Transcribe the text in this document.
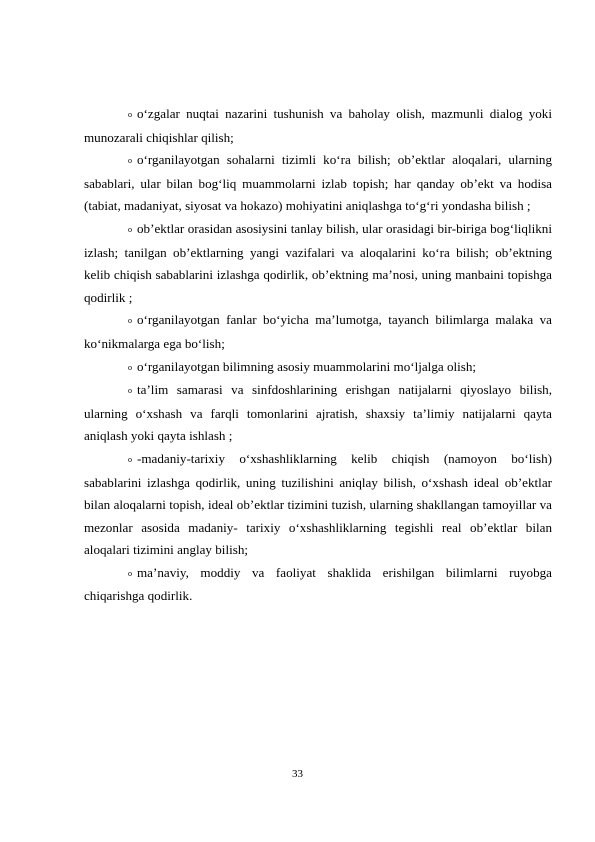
o o‘zgalar nuqtai nazarini tushunish va baholay olish, mazmunli dialog yoki munozarali chiqishlar qilish;

o o‘rganilayotgan sohalarni tizimli ko‘ra bilish; ob’ektlar aloqalari, ularning sabablari, ular bilan bog‘liq muammolarni izlab topish; har qanday ob’ekt va hodisa (tabiat, madaniyat, siyosat va hokazo) mohiyatini aniqlashga to‘g‘ri yondasha bilish ;

o ob’ektlar orasidan asosiysini tanlay bilish, ular orasidagi bir-biriga bog‘liqlikni izlash; tanilgan ob’ektlarning yangi vazifalari va aloqalarini ko‘ra bilish; ob’ektning kelib chiqish sabablarini izlashga qodirlik, ob’ektning ma’nosi, uning manbaini topishga qodirlik ;

o o‘rganilayotgan fanlar bo‘yicha ma’lumotga, tayanch bilimlarga malaka va ko‘nikmalarga ega bo‘lish;

o o‘rganilayotgan bilimning asosiy muammolarini mo‘ljalga olish;

o ta’lim samarasi va sinfdoshlarining erishgan natijalarni qiyoslayo bilish, ularning o‘xshash va farqli tomonlarini ajratish, shaxsiy ta’limiy natijalarni qayta aniqlash yoki qayta ishlash ;

o -madaniy-tarixiy o‘xshashliklarning kelib chiqish (namoyon bo‘lish) sabablarini izlashga qodirlik, uning tuzilishini aniqlay bilish, o‘xshash ideal ob’ektlar bilan aloqalarni topish, ideal ob’ektlar tizimini tuzish, ularning shakllangan tamoyillar va mezonlar asosida madaniy- tarixiy o‘xshashliklarning tegishli real ob’ektlar bilan aloqalari tizimini anglay bilish;

o ma’naviy, moddiy va faoliyat shaklida erishilgan bilimlarni ruyobga chiqarishga qodirlik.

33
